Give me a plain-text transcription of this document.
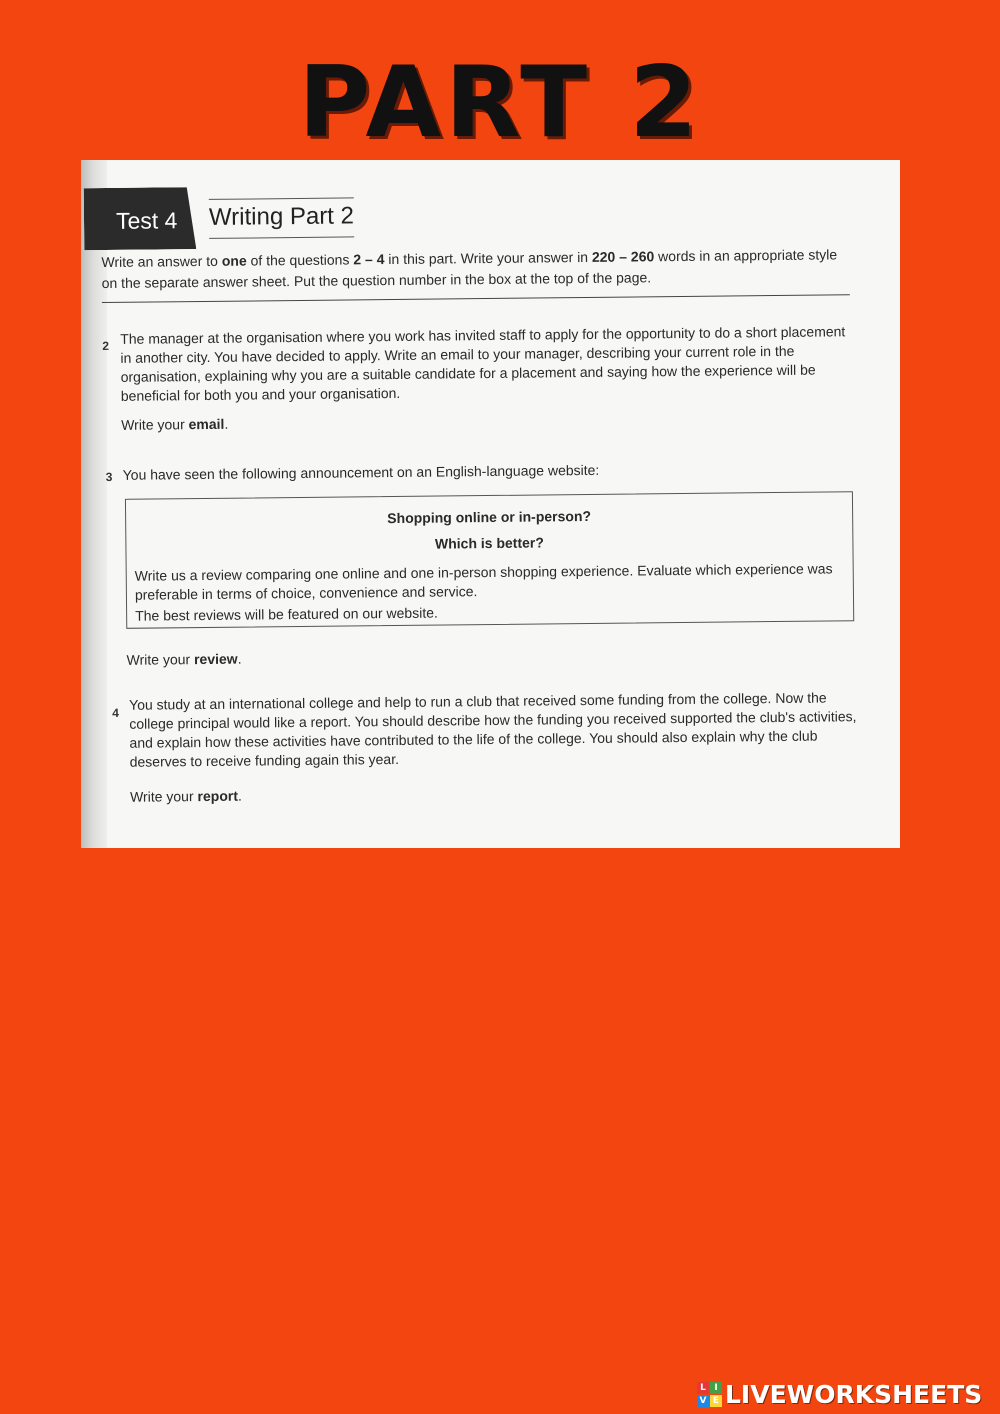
PART 2
Test 4 Writing Part 2
Write an answer to one of the questions 2 – 4 in this part. Write your answer in 220 – 260 words in an appropriate style on the separate answer sheet. Put the question number in the box at the top of the page.
2 The manager at the organisation where you work has invited staff to apply for the opportunity to do a short placement in another city. You have decided to apply. Write an email to your manager, describing your current role in the organisation, explaining why you are a suitable candidate for a placement and saying how the experience will be beneficial for both you and your organisation.
Write your email.
3 You have seen the following announcement on an English-language website:
Shopping online or in-person?
Which is better?
Write us a review comparing one online and one in-person shopping experience. Evaluate which experience was preferable in terms of choice, convenience and service.
The best reviews will be featured on our website.
Write your review.
4
You study at an international college and help to run a club that received some funding from the college. Now the college principal would like a report. You should describe how the funding you received supported the club's activities, and explain how these activities have contributed to the life of the college. You should also explain why the club deserves to receive funding again this year.
Write your report.
L I
V E LIVEWORKSHEETS
